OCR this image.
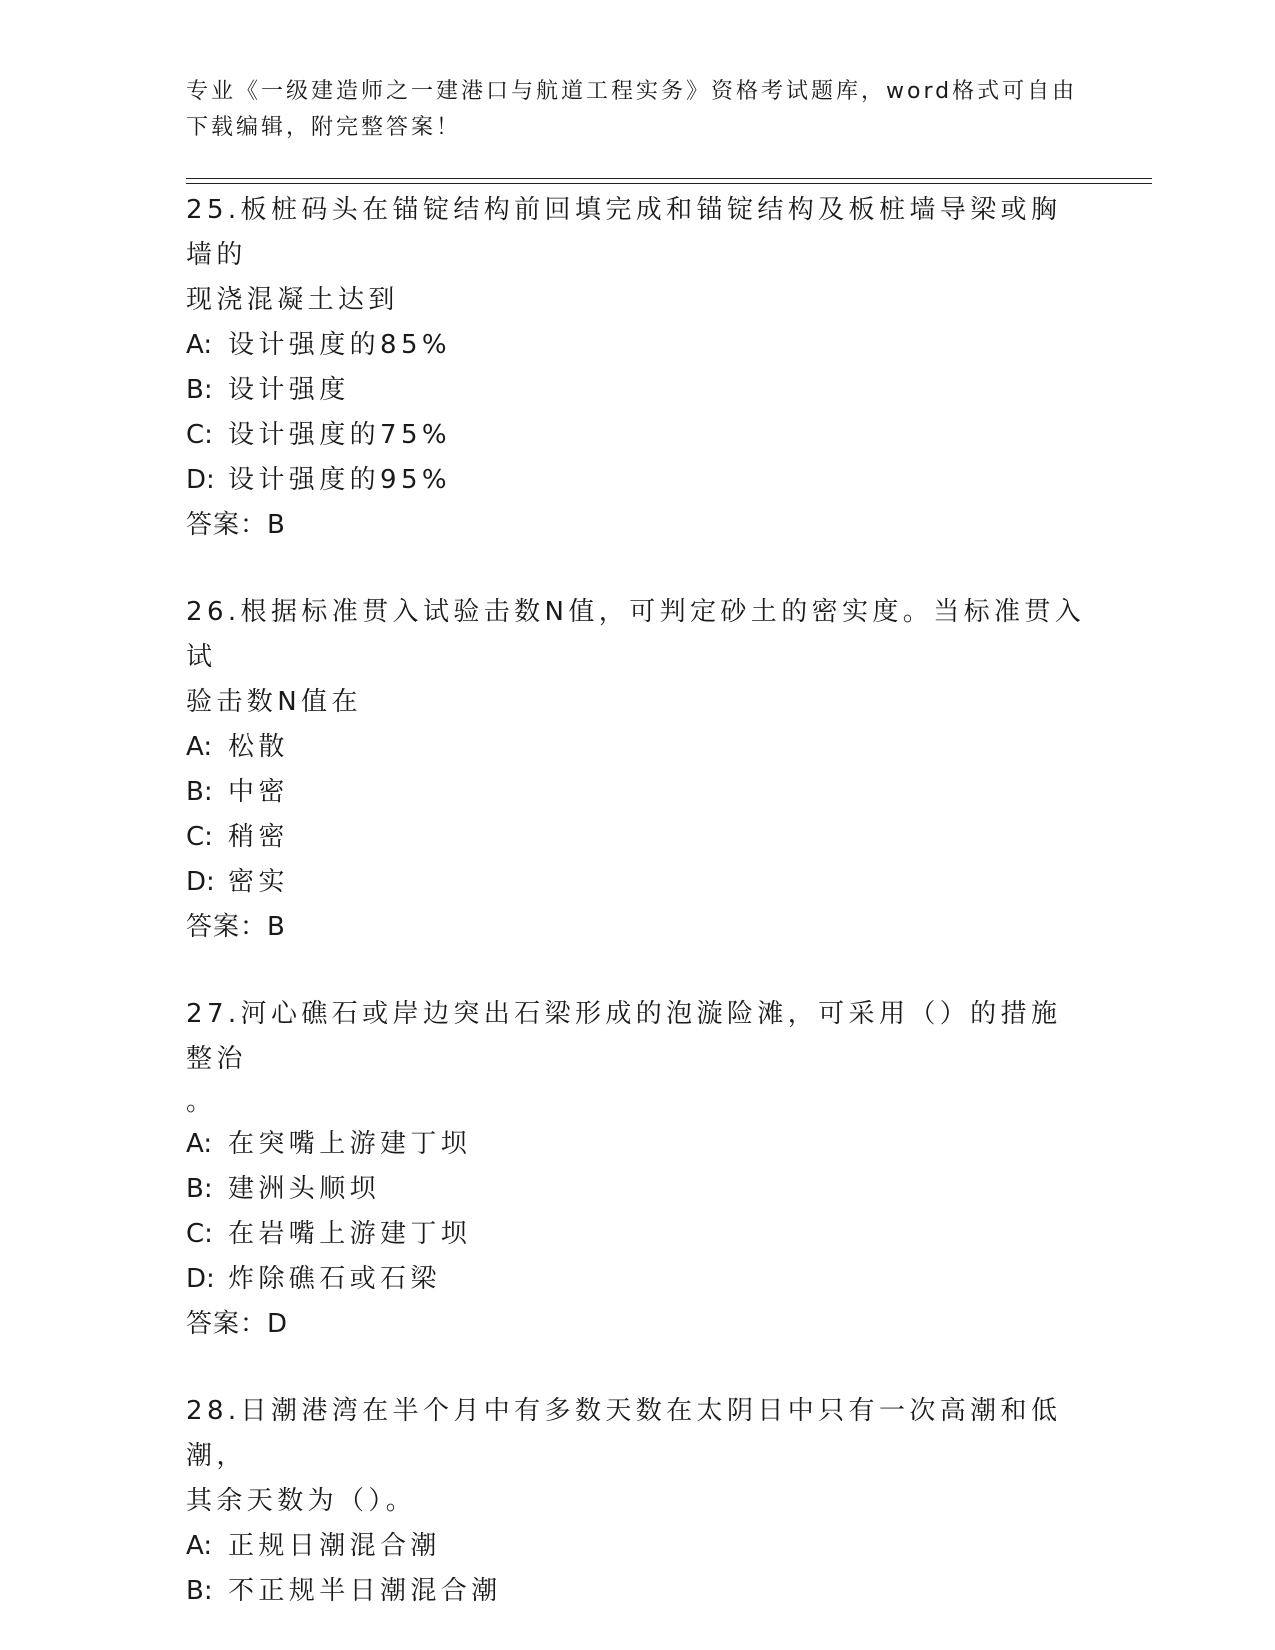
专业《一级建造师之一建港口与航道工程实务》资格考试题库，word格式可自由
下载编辑，附完整答案！
25.板桩码头在锚锭结构前回填完成和锚锭结构及板桩墙导梁或胸墙的
现浇混凝土达到
A: 设计强度的85%
B: 设计强度
C: 设计强度的75%
D: 设计强度的95%
答案：B
26.根据标准贯入试验击数N值，可判定砂土的密实度。当标准贯入试
验击数N值在
A: 松散
B: 中密
C: 稍密
D: 密实
答案：B
27.河心礁石或岸边突出石梁形成的泡漩险滩，可采用（）的措施整治
。
A: 在突嘴上游建丁坝
B: 建洲头顺坝
C: 在岩嘴上游建丁坝
D: 炸除礁石或石梁
答案：D
28.日潮港湾在半个月中有多数天数在太阴日中只有一次高潮和低潮，
其余天数为（）。
A: 正规日潮混合潮
B: 不正规半日潮混合潮
